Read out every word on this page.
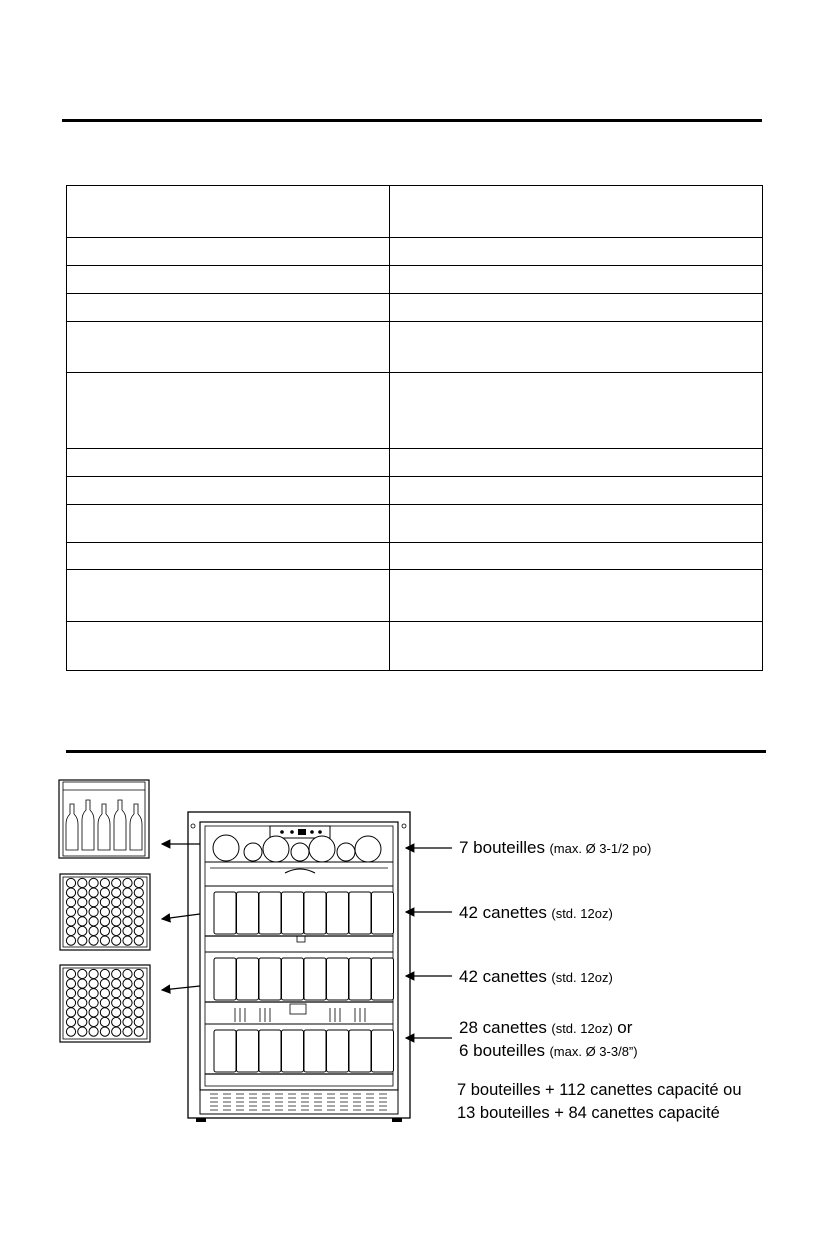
7 bouteilles (max. Ø 3-1/2 po)
42 canettes (std. 12oz)
42 canettes (std. 12oz)
28 canettes (std. 12oz) or
6 bouteilles (max. Ø 3-3/8”)
7 bouteilles + 112 canettes capacité ou
13 bouteilles + 84 canettes capacité
